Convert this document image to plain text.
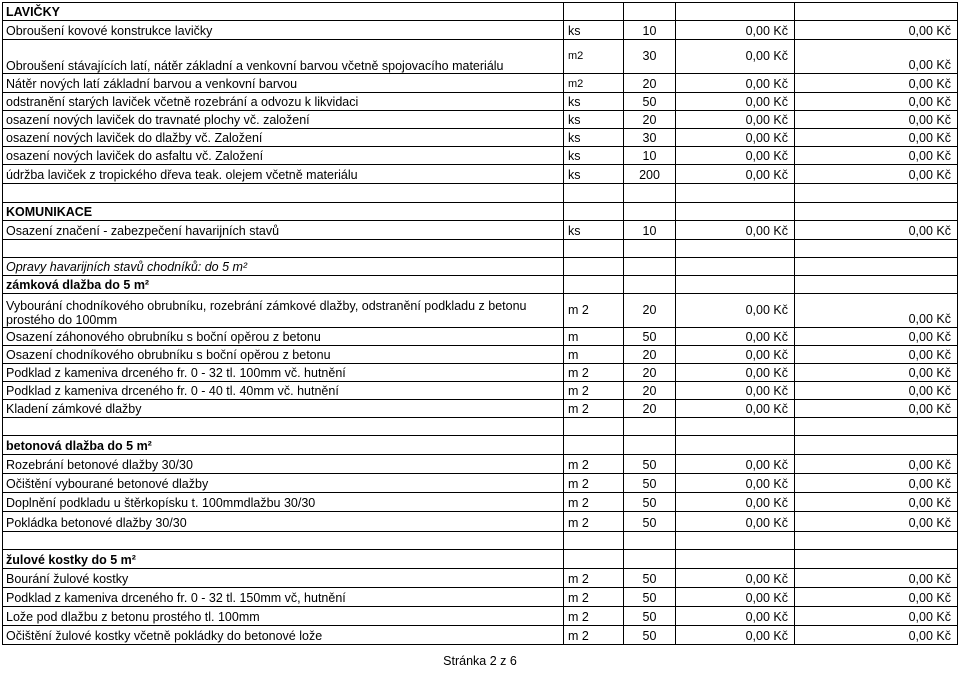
LAVIČKY				
Obroušení kovové konstrukce lavičky	ks	10	0,00 Kč	0,00 Kč
Obroušení stávajících latí, nátěr základní a venkovní barvou včetně spojovacího materiálu	m2	30	0,00 Kč	0,00 Kč
Nátěr nových latí základní barvou a venkovní barvou	m2	20	0,00 Kč	0,00 Kč
odstranění starých laviček včetně rozebrání a odvozu k likvidaci	ks	50	0,00 Kč	0,00 Kč
osazení nových laviček do travnaté plochy vč. založení	ks	20	0,00 Kč	0,00 Kč
osazení nových laviček do dlažby vč. Založení	ks	30	0,00 Kč	0,00 Kč
osazení nových laviček do asfaltu vč. Založení	ks	10	0,00 Kč	0,00 Kč
údržba laviček z tropického dřeva teak. olejem včetně materiálu	ks	200	0,00 Kč	0,00 Kč

KOMUNIKACE				
Osazení značení - zabezpečení havarijních stavů	ks	10	0,00 Kč	0,00 Kč

Opravy havarijních stavů chodníků: do 5 m²				
zámková dlažba do 5 m²				
Vybourání chodníkového obrubníku, rozebrání zámkové dlažby, odstranění podkladu z betonu prostého do 100mm	m 2	20	0,00 Kč	0,00 Kč
Osazení záhonového obrubníku s boční opěrou z betonu	m	50	0,00 Kč	0,00 Kč
Osazení chodníkového obrubníku s boční opěrou z betonu	m	20	0,00 Kč	0,00 Kč
Podklad z kameniva drceného fr. 0 - 32 tl. 100mm vč. hutnění	m 2	20	0,00 Kč	0,00 Kč
Podklad z kameniva drceného fr. 0 - 40 tl. 40mm vč. hutnění	m 2	20	0,00 Kč	0,00 Kč
Kladení zámkové dlažby	m 2	20	0,00 Kč	0,00 Kč

betonová dlažba do 5 m²				
Rozebrání betonové dlažby 30/30	m 2	50	0,00 Kč	0,00 Kč
Očištění vybourané betonové dlažby	m 2	50	0,00 Kč	0,00 Kč
Doplnění podkladu u štěrkopísku t. 100mmdlažbu 30/30	m 2	50	0,00 Kč	0,00 Kč
Pokládka betonové dlažby 30/30	m 2	50	0,00 Kč	0,00 Kč

žulové kostky do 5 m²				
Bourání žulové kostky	m 2	50	0,00 Kč	0,00 Kč
Podklad z kameniva drceného fr. 0 - 32 tl. 150mm vč, hutnění	m 2	50	0,00 Kč	0,00 Kč
Lože pod dlažbu z betonu prostého tl. 100mm	m 2	50	0,00 Kč	0,00 Kč
Očištění žulové kostky včetně pokládky do betonové lože	m 2	50	0,00 Kč	0,00 Kč
Stránka 2 z 6
